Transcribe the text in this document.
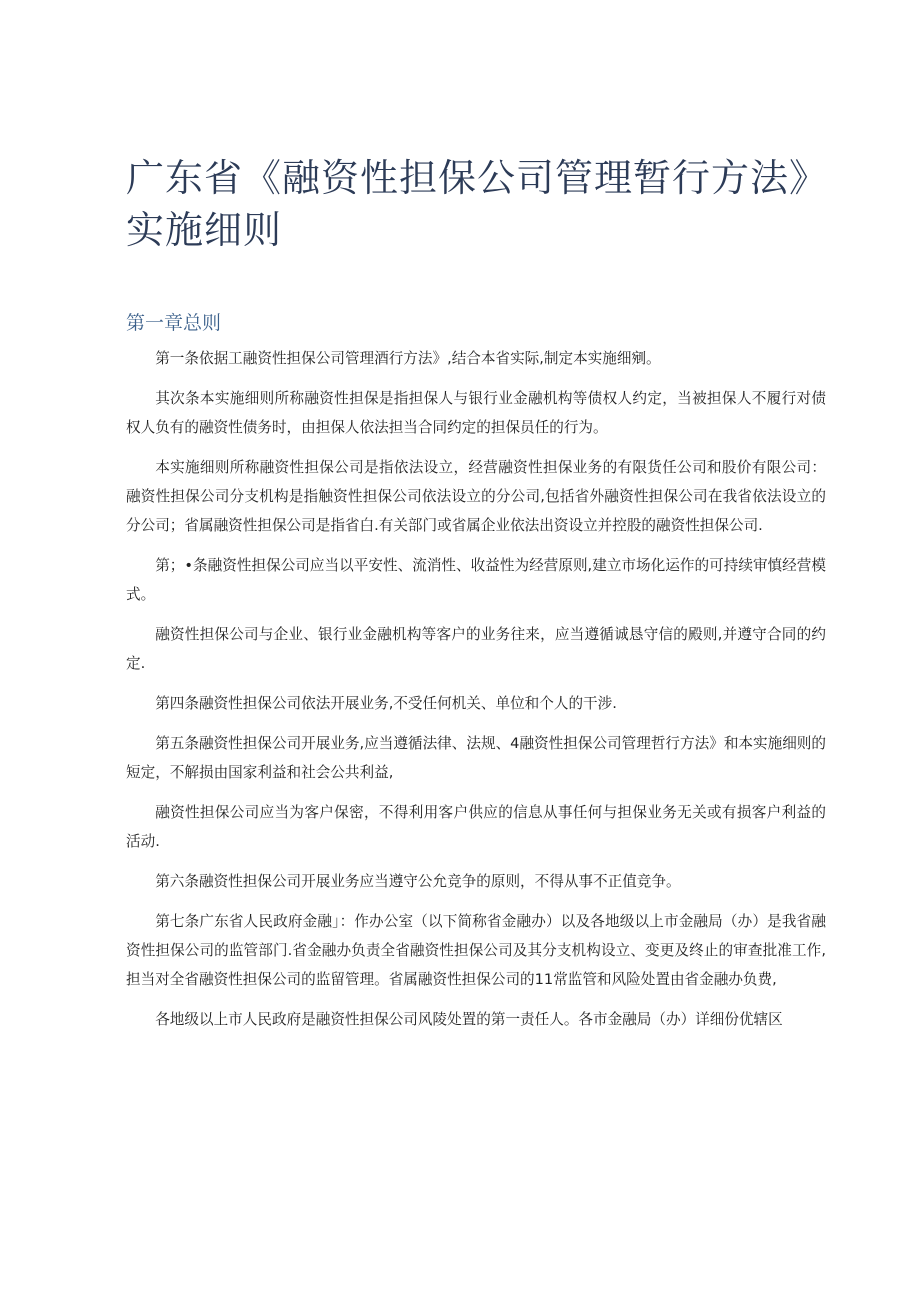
广东省《融资性担保公司管理暂行方法》
实施细则
第一章总则

第一条依据工融资性担保公司管理酒行方法》,结合本省实际,制定本实施细剜。

其次条本实施细则所称融资性担保是指担保人与银行业金融机构等债权人约定，当被担保人不履行对债权人负有的融资性债务时，由担保人依法担当合同约定的担保员任的行为。

本实施细则所称融资性担保公司是指依法设立，经营融资性担保业务的有限货任公司和股价有限公司：融资性担保公司分支机构是指触资性担保公司依法设立的分公司,包括省外融资性担保公司在我省依法设立的分公司；省属融资性担保公司是指省白.有关部门或省属企业依法出资设立并控股的融资性担保公司.

第；•条融资性担保公司应当以平安性、流消性、收益性为经营原则,建立市场化运作的可持续审慎经营模式。

融资性担保公司与企业、银行业金融机构等客户的业务往来，应当遵循诚恳守信的殿则,并遵守合同的约定.

第四条融资性担保公司依法开展业务,不受任何机关、单位和个人的干涉.

第五条融资性担保公司开展业务,应当遵循法律、法规、4融资性担保公司管理哲行方法》和本实施细则的短定，不解损由国家利益和社会公共利益,

融资性担保公司应当为客户保密，不得利用客户供应的信息从事任何与担保业务无关或有损客户利益的活动.

第六条融资性担保公司开展业务应当遵守公允竞争的原则，不得从事不正值竞争。

第七条广东省人民政府金融」：作办公室（以下简称省金融办）以及各地级以上市金融局（办）是我省融资性担保公司的监管部门.省金融办负责全省融资性担保公司及其分支机构设立、变更及终止的审查批准工作,担当对全省融资性担保公司的监留管理。省属融资性担保公司的11常监管和风险处置由省金融办负费,

各地级以上市人民政府是融资性担保公司风陵处置的第一责任人。各市金融局（办）详细份优辖区
